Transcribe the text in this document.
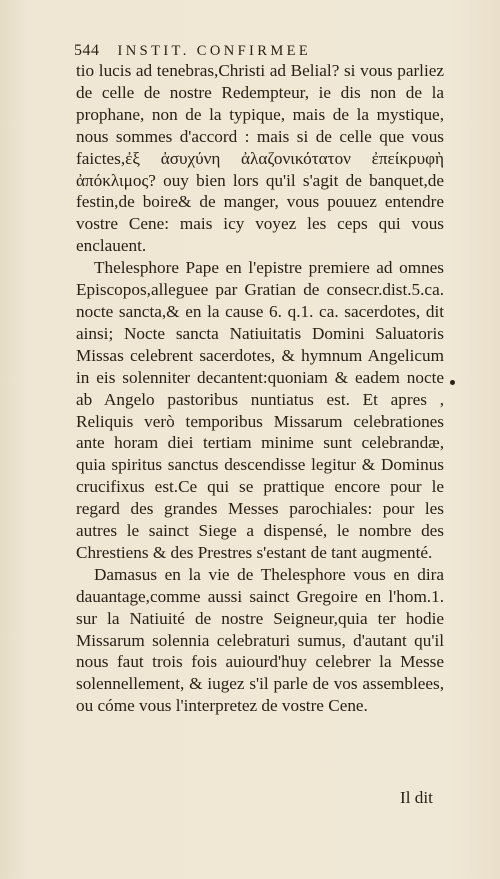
544 INSTIT. CONFIRMEE

tio lucis ad tenebras,Christi ad Belial? si vous parliez de celle de nostre Redempteur, ie dis non de la prophane, non de la typique, mais de la mystique, nous sommes d'accord : mais si de celle que vous faictes,ἐξ ἀσυχύνη ἀλαζονικότατον ἐπείκρυφὴ ἀπόκλιμος? ouy bien lors qu'il s'agit de banquet,de festin,de boire& de manger, vous pouuez entendre vostre Cene: mais icy voyez les ceps qui vous enclauent.

Thelesphore Pape en l'epistre premiere ad omnes Episcopos,alleguee par Gratian de consecr.dist.5.ca. nocte sancta,& en la cause 6. q.1. ca. sacerdotes, dit ainsi; Nocte sancta Natiuitatis Domini Saluatoris Missas celebrent sacerdotes, & hymnum Angelicum in eis solenniter decantent:quoniam & eadem nocte ab Angelo pastoribus nuntiatus est. Et apres , Reliquis verò temporibus Missarum celebrationes ante horam diei tertiam minime sunt celebrandæ, quia spiritus sanctus descendisse legitur & Dominus crucifixus est.Ce qui se prattique encore pour le regard des grandes Messes parochiales: pour les autres le sainct Siege a dispensé, le nombre des Chrestiens & des Prestres s'estant de tant augmenté.

Damasus en la vie de Thelesphore vous en dira dauantage,comme aussi sainct Gregoire en l'hom.1. sur la Natiuité de nostre Seigneur,quia ter hodie Missarum solennia celebraturi sumus, d'autant qu'il nous faut trois fois auiourd'huy celebrer la Messe solennellement, & iugez s'il parle de vos assemblees, ou cóme vous l'interpretez de vostre Cene.

Il dit
